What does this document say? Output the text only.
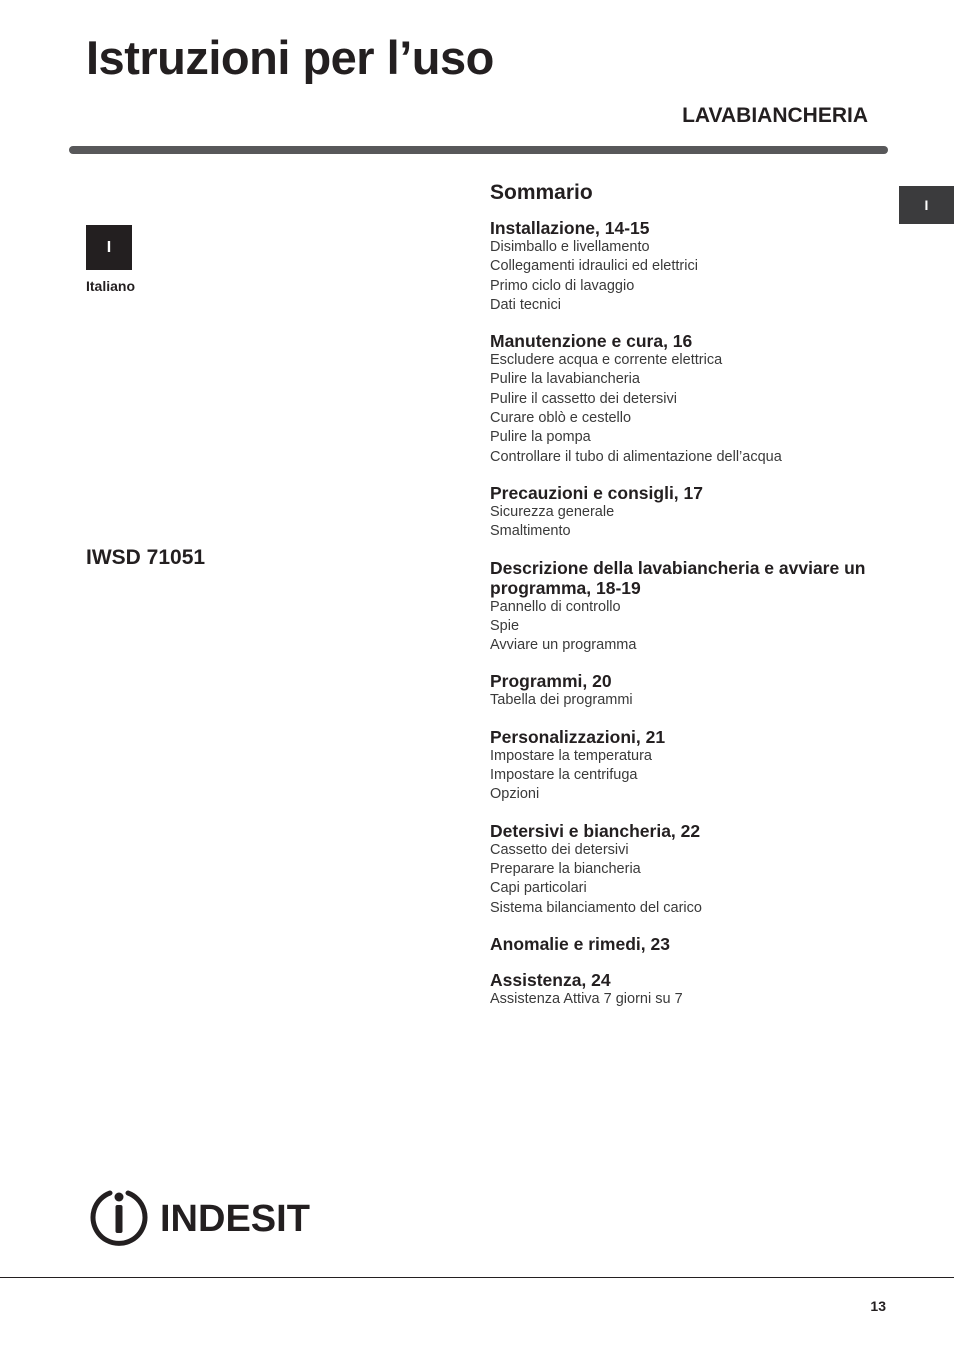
Istruzioni per l’uso
LAVABIANCHERIA
I
I
Italiano
IWSD 71051
Sommario
Installazione, 14-15
Disimballo e livellamento
Collegamenti idraulici ed elettrici
Primo ciclo di lavaggio
Dati tecnici
Manutenzione e cura, 16
Escludere acqua e corrente elettrica
Pulire la lavabiancheria
Pulire il cassetto dei detersivi
Curare oblò e cestello
Pulire la pompa
Controllare il tubo di alimentazione dell’acqua
Precauzioni e consigli, 17
Sicurezza generale
Smaltimento
Descrizione della lavabiancheria e avviare un programma, 18-19
Pannello di controllo
Spie
Avviare un programma
Programmi, 20
Tabella dei programmi
Personalizzazioni, 21
Impostare la temperatura
Impostare la centrifuga
Opzioni
Detersivi e biancheria, 22
Cassetto dei detersivi
Preparare la biancheria
Capi particolari
Sistema bilanciamento del carico
Anomalie e rimedi, 23
Assistenza, 24
Assistenza Attiva 7 giorni su 7
INDESIT
13
